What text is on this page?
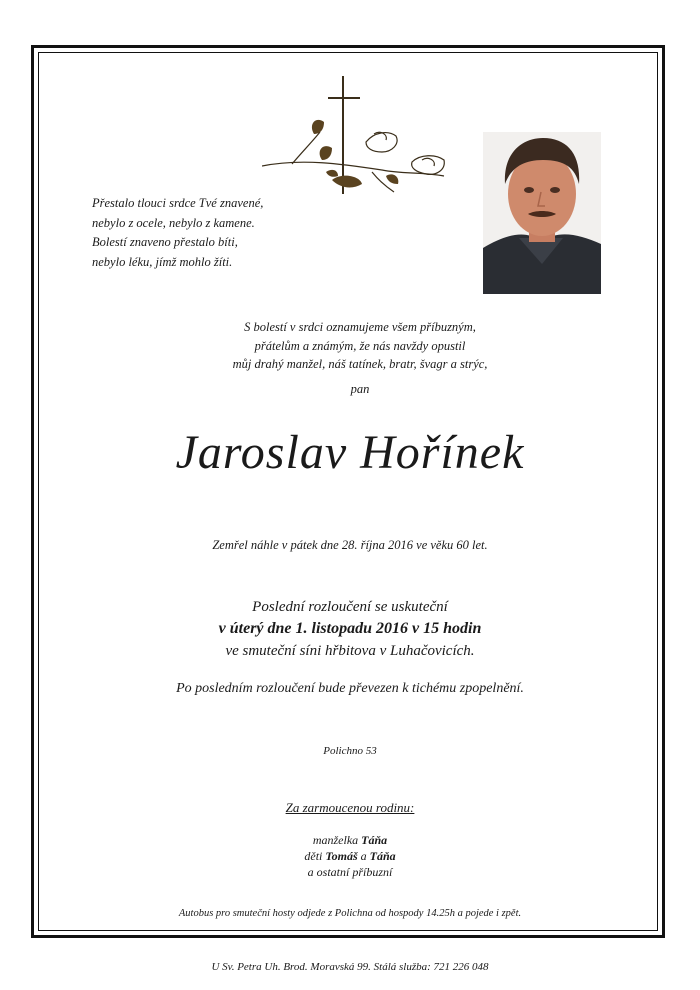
Přestalo tlouci srdce Tvé znavené,
nebylo z ocele, nebylo z kamene.
Bolestí znaveno přestalo bíti,
nebylo léku, jímž mohlo žíti.
S bolestí v srdci oznamujeme všem příbuzným,
přátelům a známým, že nás navždy opustil
můj drahý manžel, náš tatínek, bratr, švagr a strýc,
pan
Jaroslav Hořínek
Zemřel náhle v pátek dne 28. října 2016 ve věku 60 let.
Poslední rozloučení se uskuteční
v úterý dne 1. listopadu 2016 v 15 hodin
ve smuteční síni hřbitova v Luhačovicích.
Po posledním rozloučení bude převezen k tichému zpopelnění.
Polichno 53
Za zarmoucenou rodinu:
manželka Táňa
děti Tomáš a Táňa
a ostatní příbuzní
Autobus pro smuteční hosty odjede z Polichna od hospody 14.25h a pojede i zpět.
U Sv. Petra Uh. Brod. Moravská 99. Stálá služba: 721 226 048
